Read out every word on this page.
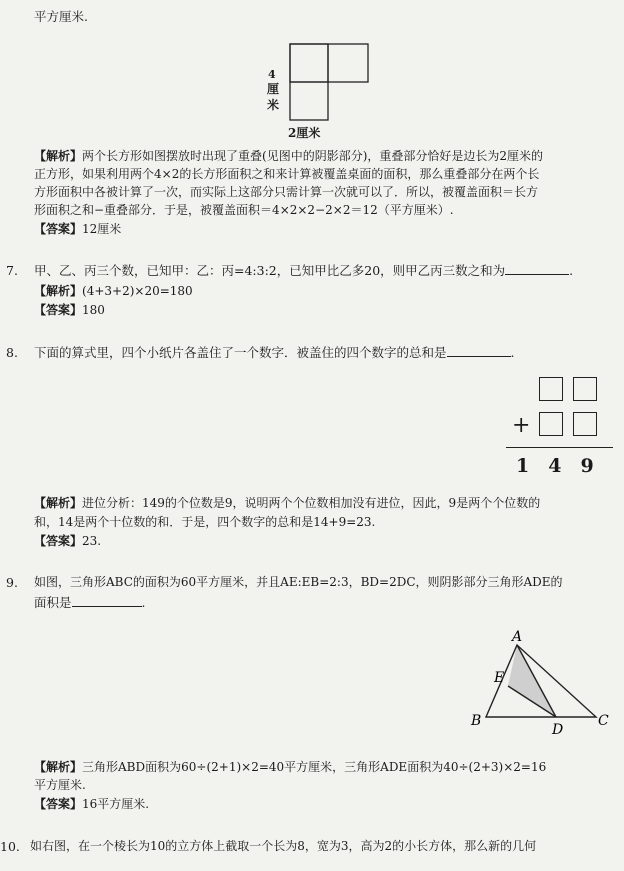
平方厘米.
4
厘
米
2厘米
【解析】两个长方形如图摆放时出现了重叠(见图中的阴影部分)，重叠部分恰好是边长为2厘米的
正方形，如果利用两个4×2的长方形面积之和来计算被覆盖桌面的面积，那么重叠部分在两个长
方形面积中各被计算了一次，而实际上这部分只需计算一次就可以了．所以，被覆盖面积＝长方
形面积之和−重叠部分．于是，被覆盖面积＝4×2×2−2×2＝12（平方厘米）.
【答案】12厘米
7. 甲、乙、丙三个数，已知甲：乙：丙=4:3:2，已知甲比乙多20，则甲乙丙三数之和为	.
【解析】(4+3+2)×20=180
【答案】180
8. 下面的算式里，四个小纸片各盖住了一个数字．被盖住的四个数字的总和是	.
+
1　4　9
【解析】进位分析：149的个位数是9，说明两个个位数相加没有进位，因此，9是两个个位数的
和，14是两个十位数的和．于是，四个数字的总和是14+9=23.
【答案】23.
9. 如图，三角形ABC的面积为60平方厘米，并且AE:EB=2:3，BD=2DC，则阴影部分三角形ADE的
面积是	.
A
E
B
D
C
【解析】三角形ABD面积为60÷(2+1)×2=40平方厘米，三角形ADE面积为40÷(2+3)×2=16
平方厘米.
【答案】16平方厘米.
10. 如右图，在一个棱长为10的立方体上截取一个长为8，宽为3，高为2的小长方体，那么新的几何
